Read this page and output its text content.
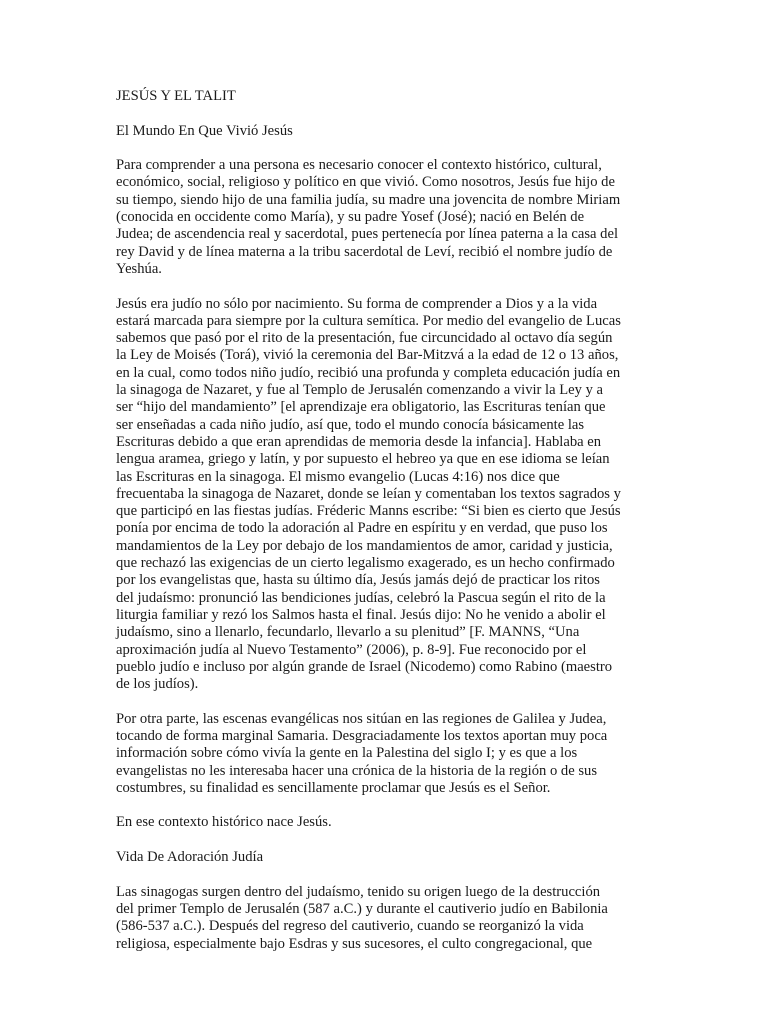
JESÚS Y EL TALIT

El Mundo En Que Vivió Jesús

Para comprender a una persona es necesario conocer el contexto histórico, cultural,
económico, social, religioso y político en que vivió. Como nosotros, Jesús fue hijo de
su tiempo, siendo hijo de una familia judía, su madre una jovencita de nombre Miriam
(conocida en occidente como María), y su padre Yosef (José); nació en Belén de
Judea; de ascendencia real y sacerdotal, pues pertenecía por línea paterna a la casa del
rey David y de línea materna a la tribu sacerdotal de Leví, recibió el nombre judío de
Yeshúa.

Jesús era judío no sólo por nacimiento. Su forma de comprender a Dios y a la vida
estará marcada para siempre por la cultura semítica. Por medio del evangelio de Lucas
sabemos que pasó por el rito de la presentación, fue circuncidado al octavo día según
la Ley de Moisés (Torá), vivió la ceremonia del Bar-Mitzvá a la edad de 12 o 13 años,
en la cual, como todos niño judío, recibió una profunda y completa educación judía en
la sinagoga de Nazaret, y fue al Templo de Jerusalén comenzando a vivir la Ley y a
ser “hijo del mandamiento” [el aprendizaje era obligatorio, las Escrituras tenían que
ser enseñadas a cada niño judío, así que, todo el mundo conocía básicamente las
Escrituras debido a que eran aprendidas de memoria desde la infancia]. Hablaba en
lengua aramea, griego y latín, y por supuesto el hebreo ya que en ese idioma se leían
las Escrituras en la sinagoga. El mismo evangelio (Lucas 4:16) nos dice que
frecuentaba la sinagoga de Nazaret, donde se leían y comentaban los textos sagrados y
que participó en las fiestas judías. Fréderic Manns escribe: “Si bien es cierto que Jesús
ponía por encima de todo la adoración al Padre en espíritu y en verdad, que puso los
mandamientos de la Ley por debajo de los mandamientos de amor, caridad y justicia,
que rechazó las exigencias de un cierto legalismo exagerado, es un hecho confirmado
por los evangelistas que, hasta su último día, Jesús jamás dejó de practicar los ritos
del judaísmo: pronunció las bendiciones judías, celebró la Pascua según el rito de la
liturgia familiar y rezó los Salmos hasta el final. Jesús dijo: No he venido a abolir el
judaísmo, sino a llenarlo, fecundarlo, llevarlo a su plenitud” [F. MANNS, “Una
aproximación judía al Nuevo Testamento” (2006), p. 8-9]. Fue reconocido por el
pueblo judío e incluso por algún grande de Israel (Nicodemo) como Rabino (maestro
de los judíos).

Por otra parte, las escenas evangélicas nos sitúan en las regiones de Galilea y Judea,
tocando de forma marginal Samaria. Desgraciadamente los textos aportan muy poca
información sobre cómo vivía la gente en la Palestina del siglo I; y es que a los
evangelistas no les interesaba hacer una crónica de la historia de la región o de sus
costumbres, su finalidad es sencillamente proclamar que Jesús es el Señor.

En ese contexto histórico nace Jesús.

Vida De Adoración Judía

Las sinagogas surgen dentro del judaísmo, tenido su origen luego de la destrucción
del primer Templo de Jerusalén (587 a.C.) y durante el cautiverio judío en Babilonia
(586-537 a.C.). Después del regreso del cautiverio, cuando se reorganizó la vida
religiosa, especialmente bajo Esdras y sus sucesores, el culto congregacional, que
